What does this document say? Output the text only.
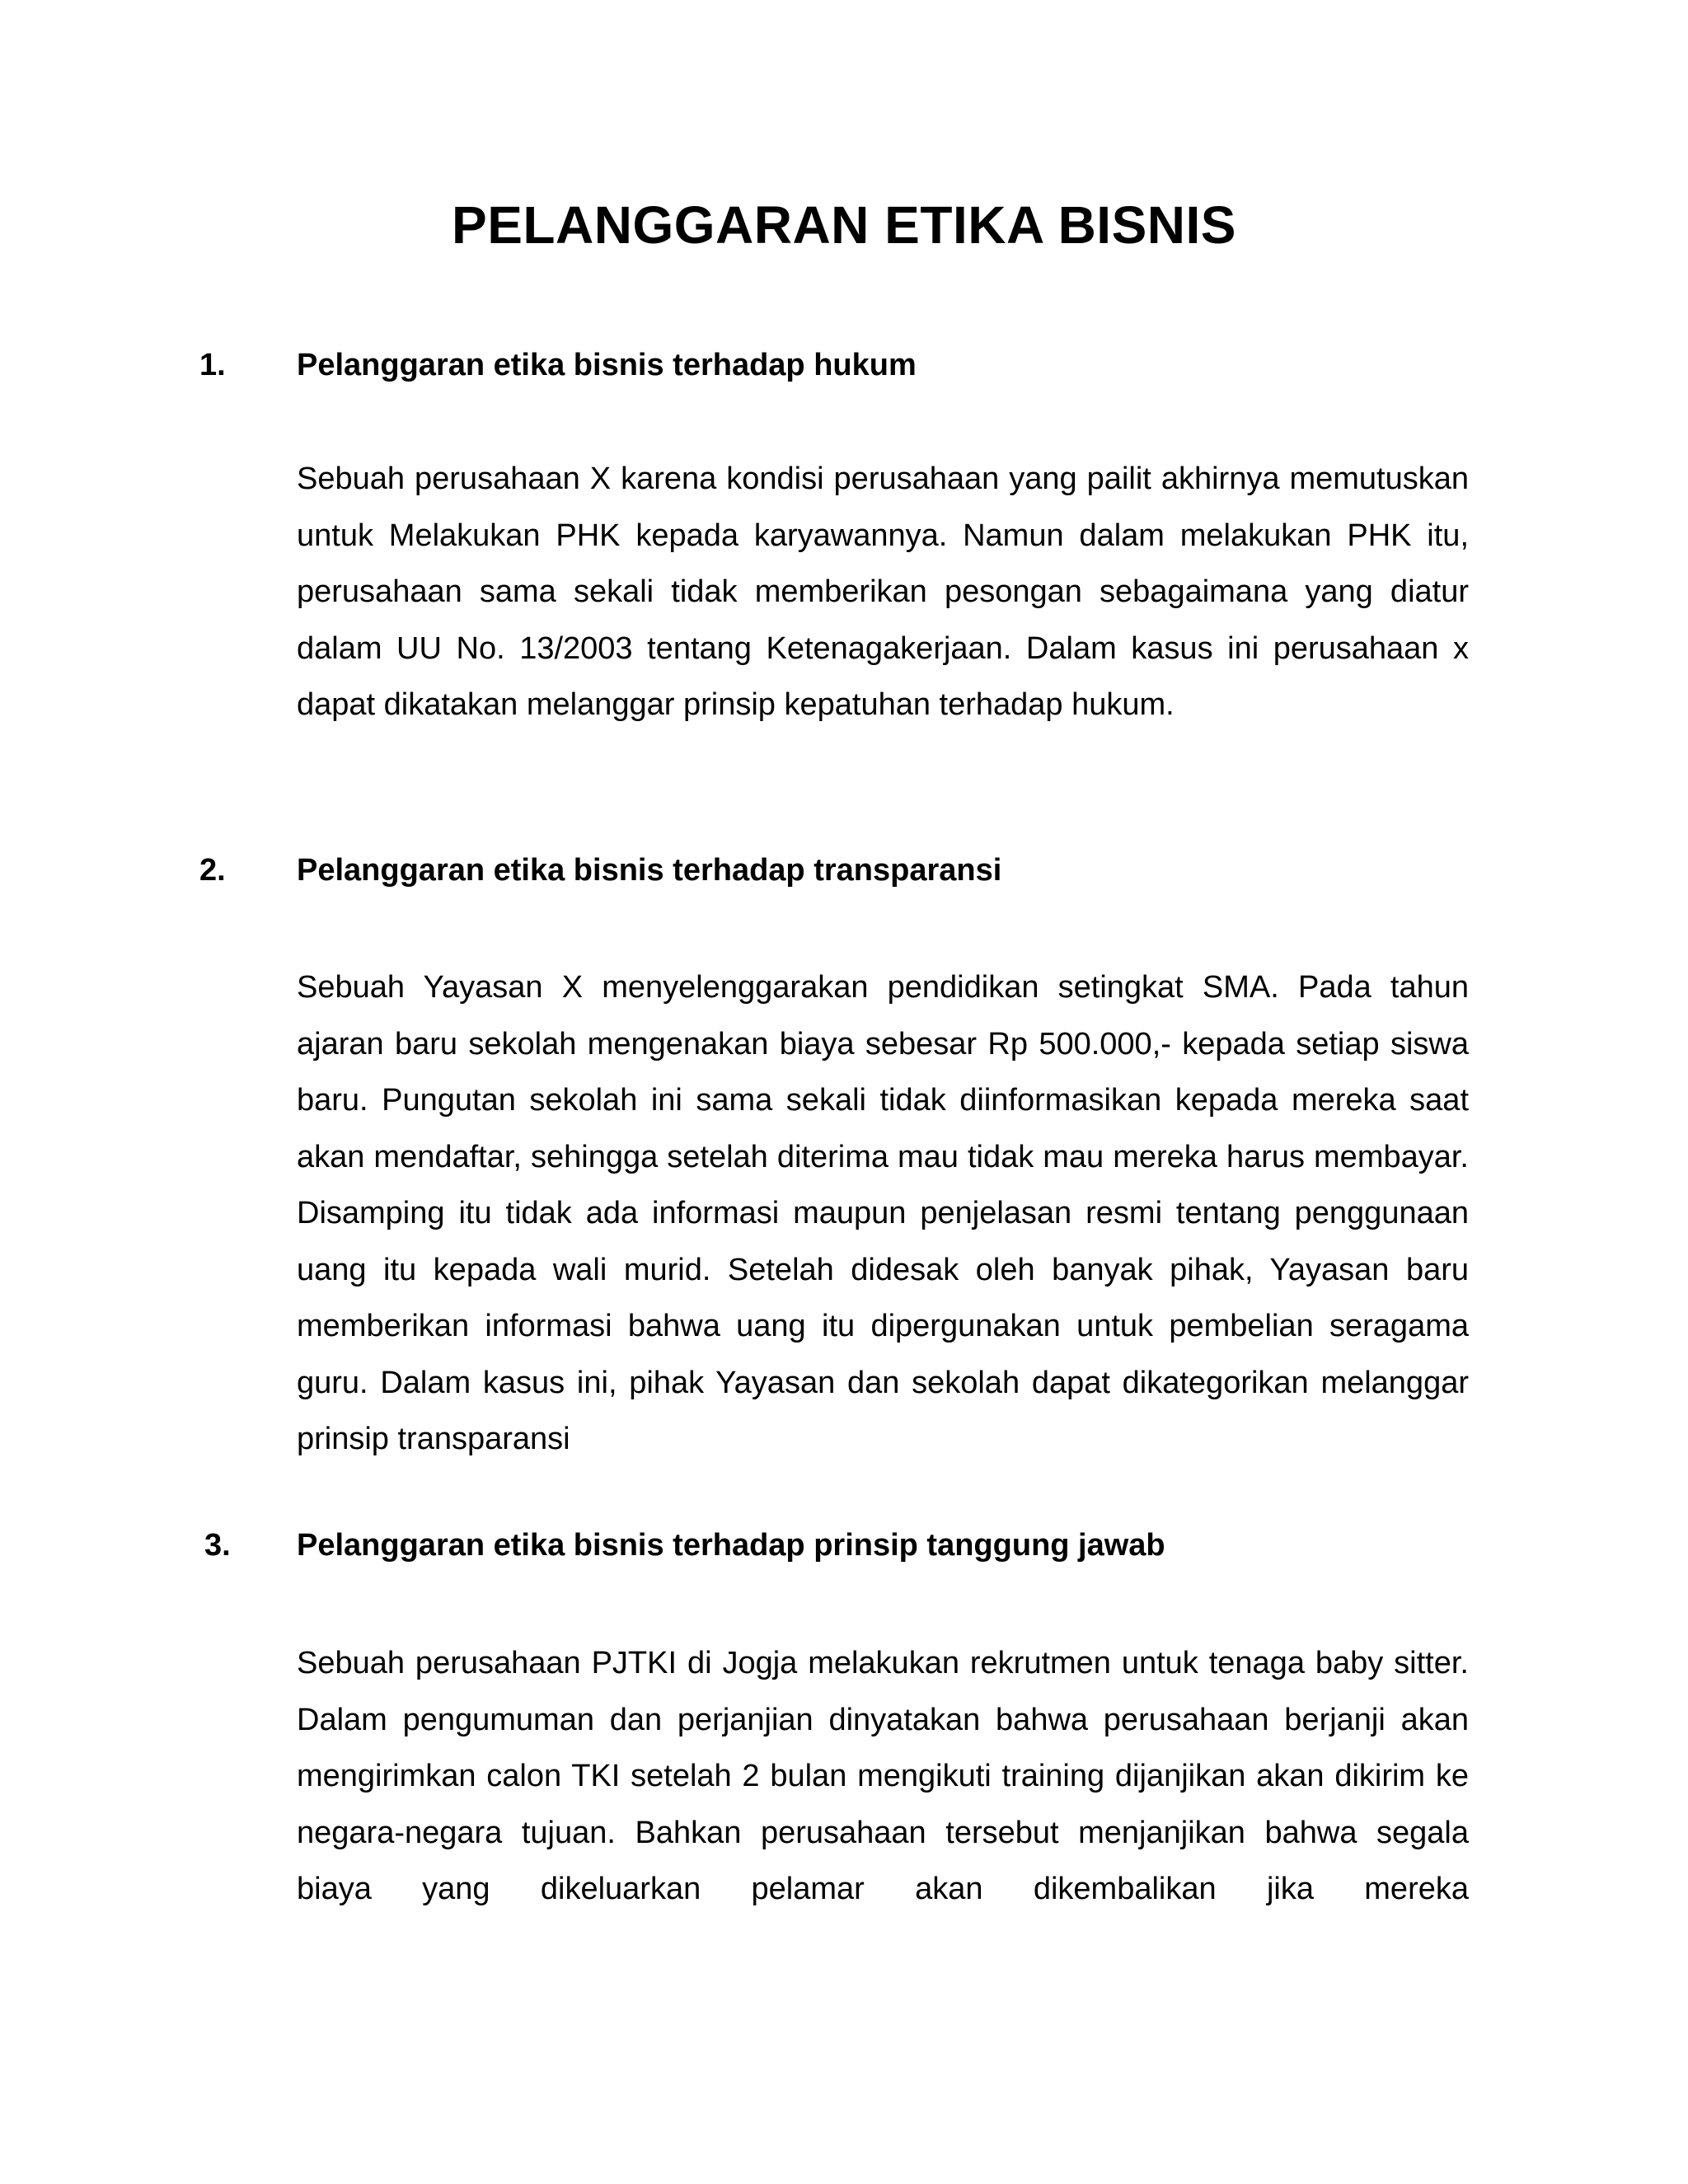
PELANGGARAN ETIKA BISNIS
1. Pelanggaran etika bisnis terhadap hukum

Sebuah perusahaan X karena kondisi perusahaan yang pailit akhirnya memutuskan untuk Melakukan PHK kepada karyawannya. Namun dalam melakukan PHK itu, perusahaan sama sekali tidak memberikan pesongan sebagaimana yang diatur dalam UU No. 13/2003 tentang Ketenagakerjaan. Dalam kasus ini perusahaan x dapat dikatakan melanggar prinsip kepatuhan terhadap hukum.

2. Pelanggaran etika bisnis terhadap transparansi

Sebuah Yayasan X menyelenggarakan pendidikan setingkat SMA. Pada tahun ajaran baru sekolah mengenakan biaya sebesar Rp 500.000,- kepada setiap siswa baru. Pungutan sekolah ini sama sekali tidak diinformasikan kepada mereka saat akan mendaftar, sehingga setelah diterima mau tidak mau mereka harus membayar. Disamping itu tidak ada informasi maupun penjelasan resmi tentang penggunaan uang itu kepada wali murid. Setelah didesak oleh banyak pihak, Yayasan baru memberikan informasi bahwa uang itu dipergunakan untuk pembelian seragama guru. Dalam kasus ini, pihak Yayasan dan sekolah dapat dikategorikan melanggar prinsip transparansi

3. Pelanggaran etika bisnis terhadap prinsip tanggung jawab

Sebuah perusahaan PJTKI di Jogja melakukan rekrutmen untuk tenaga baby sitter. Dalam pengumuman dan perjanjian dinyatakan bahwa perusahaan berjanji akan mengirimkan calon TKI setelah 2 bulan mengikuti training dijanjikan akan dikirim ke negara-negara tujuan. Bahkan perusahaan tersebut menjanjikan bahwa segala biaya yang dikeluarkan pelamar akan dikembalikan jika mereka
